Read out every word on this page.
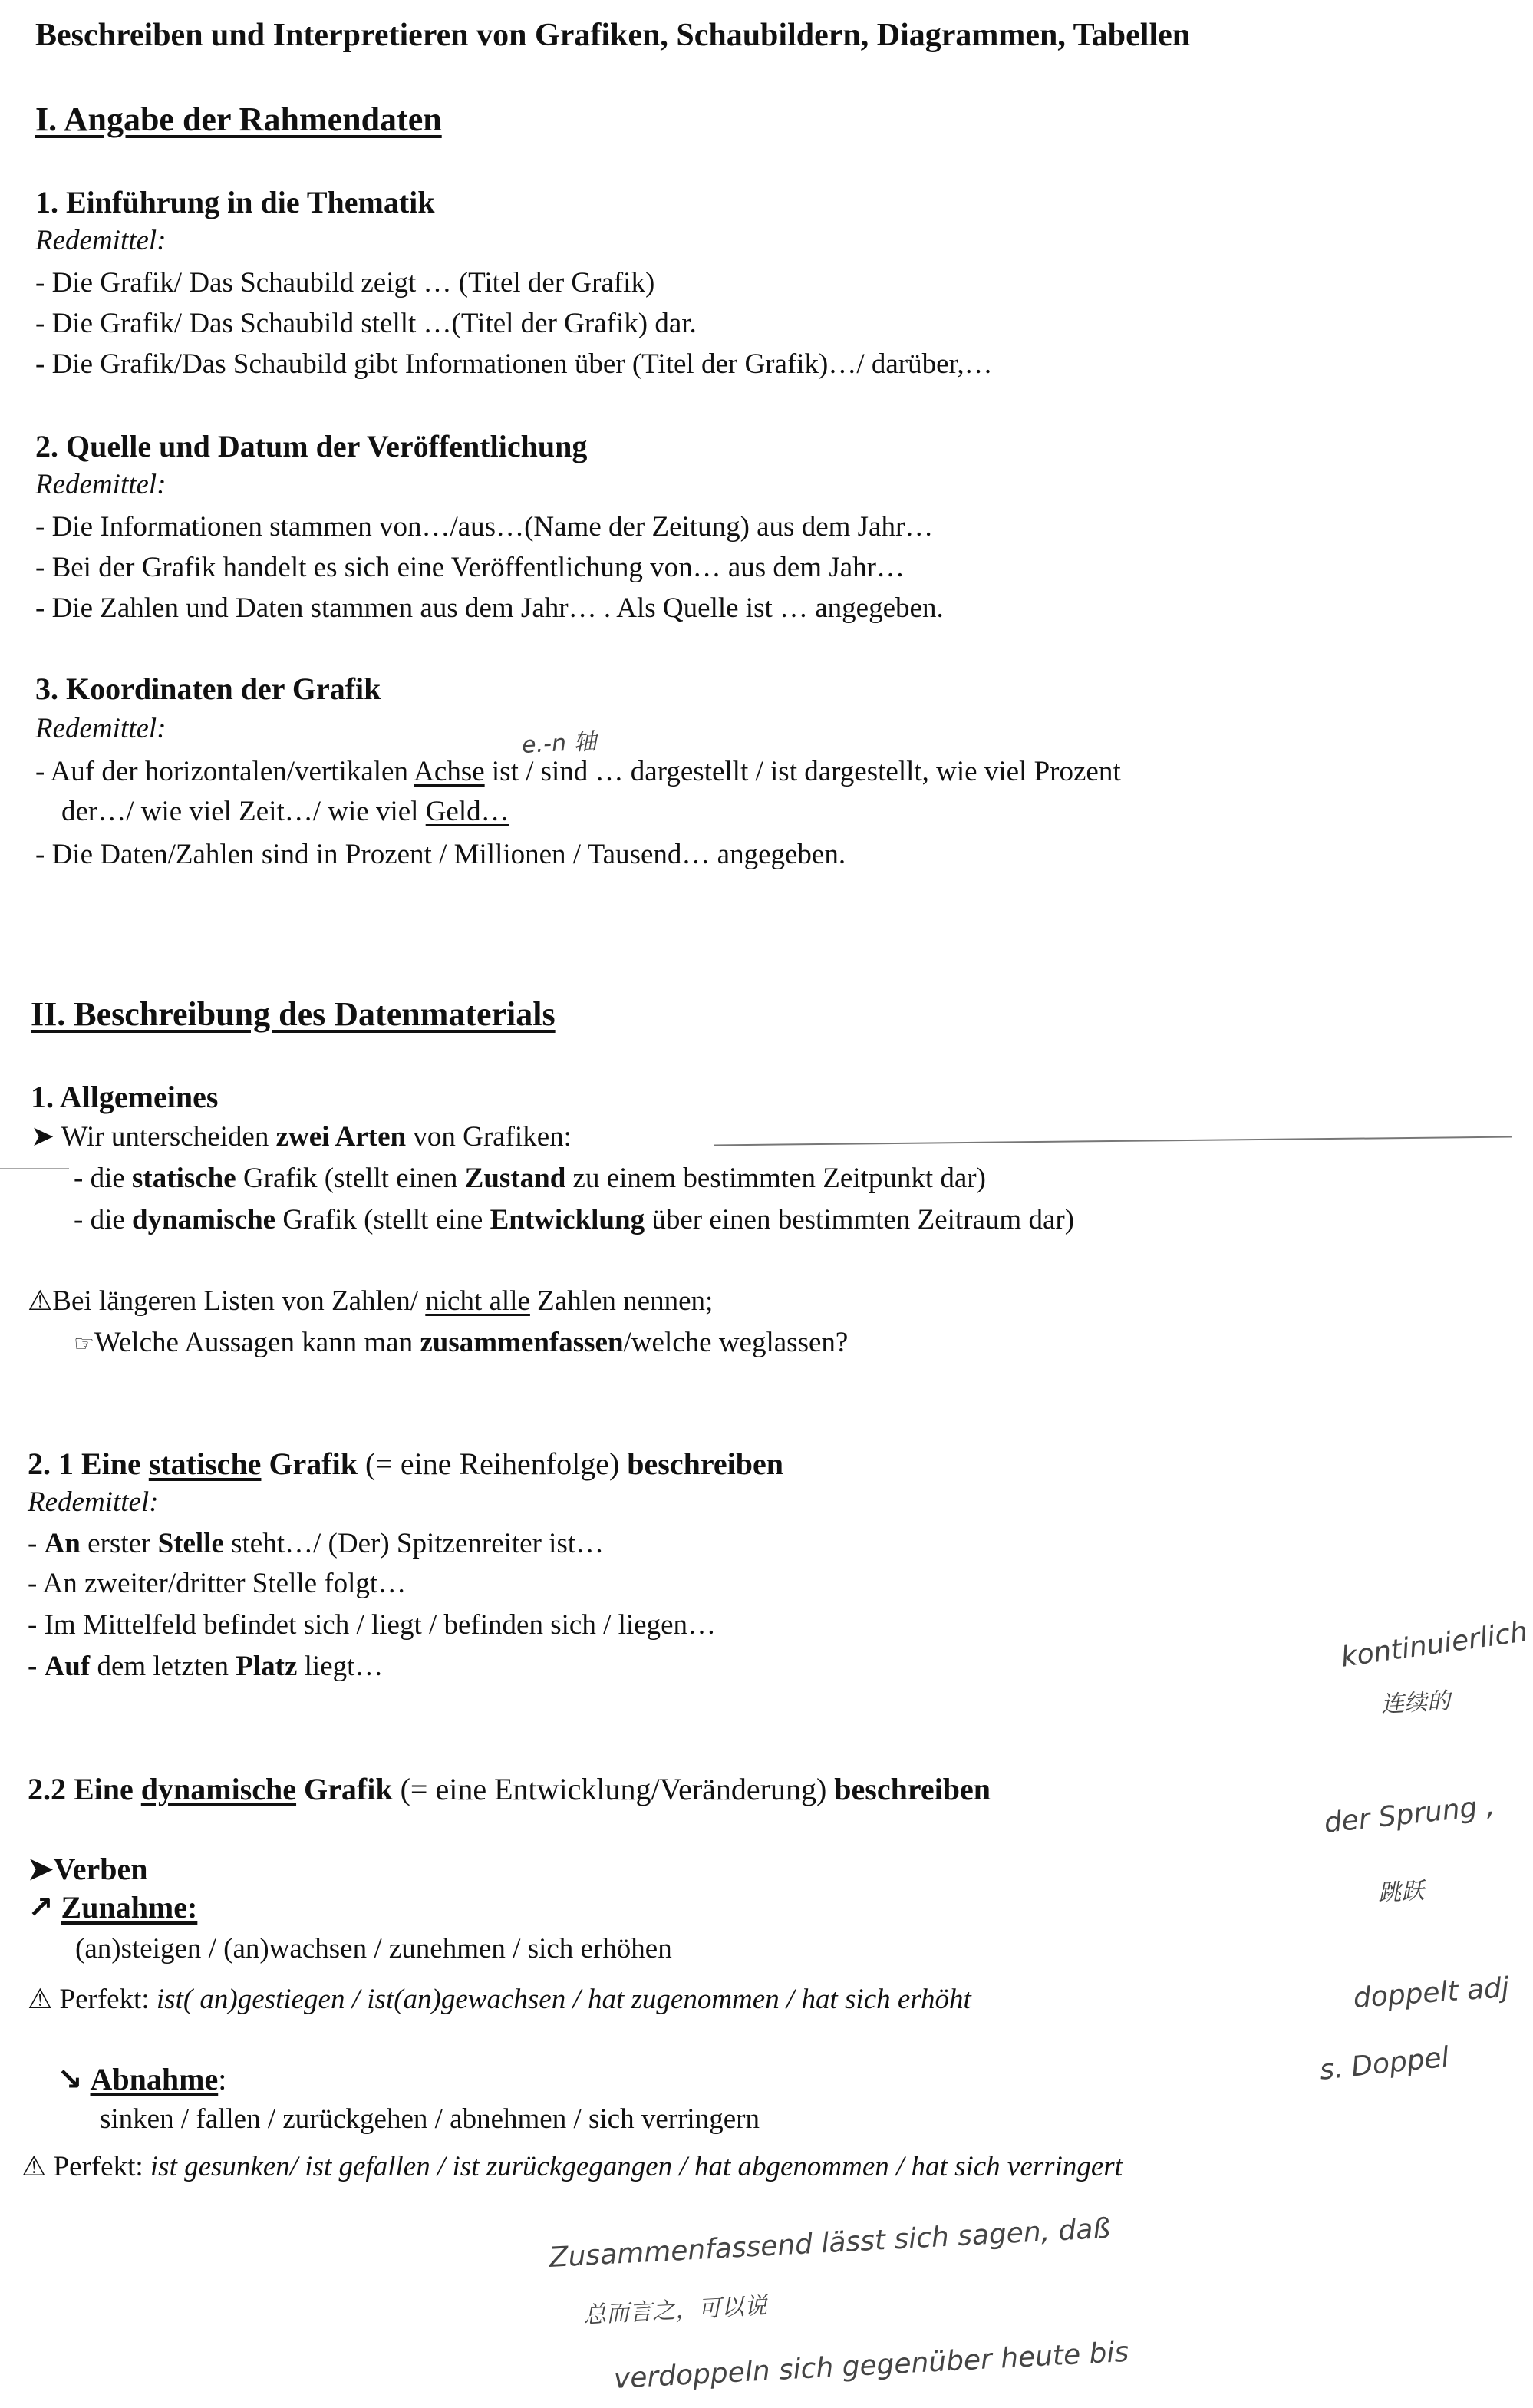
Beschreiben und Interpretieren von Grafiken, Schaubildern, Diagrammen, Tabellen
I. Angabe der Rahmendaten
1. Einführung in die Thematik
Redemittel:
- Die Grafik/ Das Schaubild zeigt … (Titel der Grafik)
- Die Grafik/ Das Schaubild stellt …(Titel der Grafik) dar.
- Die Grafik/Das Schaubild gibt Informationen über (Titel der Grafik)…/ darüber,…
2. Quelle und Datum der Veröffentlichung
Redemittel:
- Die Informationen stammen von…/aus…(Name der Zeitung) aus dem Jahr…
- Bei der Grafik handelt es sich eine Veröffentlichung von… aus dem Jahr…
- Die Zahlen und Daten stammen aus dem Jahr… . Als Quelle ist … angegeben.
3. Koordinaten der Grafik
Redemittel:	e.-n 轴
- Auf der horizontalen/vertikalen Achse ist / sind … dargestellt / ist dargestellt, wie viel Prozent
der…/ wie viel Zeit…/ wie viel Geld…
- Die Daten/Zahlen sind in Prozent / Millionen / Tausend… angegeben.
II. Beschreibung des Datenmaterials
1. Allgemeines
➤ Wir unterscheiden zwei Arten von Grafiken:
- die statische Grafik (stellt einen Zustand zu einem bestimmten Zeitpunkt dar)
- die dynamische Grafik (stellt eine Entwicklung über einen bestimmten Zeitraum dar)
⚠Bei längeren Listen von Zahlen/ nicht alle Zahlen nennen;
☞Welche Aussagen kann man zusammenfassen/welche weglassen?
2. 1 Eine statische Grafik (= eine Reihenfolge) beschreiben
Redemittel:
- An erster Stelle steht…/ (Der) Spitzenreiter ist…
- An zweiter/dritter Stelle folgt…
- Im Mittelfeld befindet sich / liegt / befinden sich / liegen…
- Auf dem letzten Platz liegt…
2.2 Eine dynamische Grafik (= eine Entwicklung/Veränderung) beschreiben
➤Verben
↗ Zunahme:
(an)steigen / (an)wachsen / zunehmen / sich erhöhen
⚠ Perfekt: ist( an)gestiegen / ist(an)gewachsen / hat zugenommen / hat sich erhöht
↘ Abnahme:
sinken / fallen / zurückgehen / abnehmen / sich verringern
⚠ Perfekt: ist gesunken/ ist gefallen / ist zurückgegangen / hat abgenommen / hat sich verringert
kontinuierlich
连续的
der Sprung ,
跳跃
doppelt adj
s. Doppel
Zusammenfassend lässt sich sagen, daß
总而言之，可以说
verdoppeln sich gegenüber heute bis
